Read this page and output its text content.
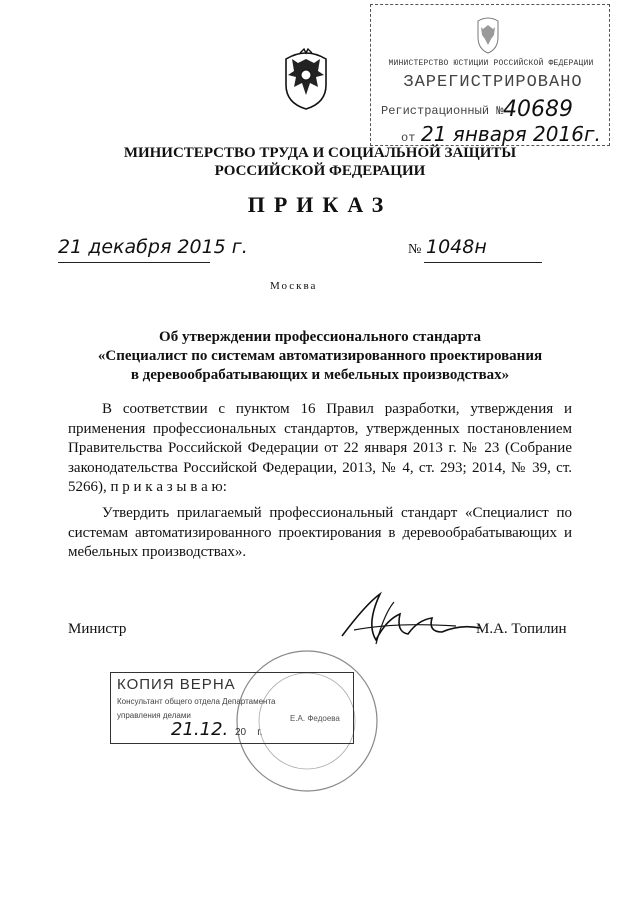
МИНИСТЕРСТВО ЮСТИЦИИ РОССИЙСКОЙ ФЕДЕРАЦИИ
ЗАРЕГИСТРИРОВАНО
Регистрационный № 40689
от 21 января 2016г.
МИНИСТЕРСТВО ТРУДА И СОЦИАЛЬНОЙ ЗАЩИТЫ
РОССИЙСКОЙ ФЕДЕРАЦИИ
ПРИКАЗ
21 декабря 2015 г.	№ 1048н
Москва
Об утверждении профессионального стандарта
«Специалист по системам автоматизированного проектирования
в деревообрабатывающих и мебельных производствах»
В соответствии с пунктом 16 Правил разработки, утверждения и применения профессиональных стандартов, утвержденных постановлением Правительства Российской Федерации от 22 января 2013 г. № 23 (Собрание законодательства Российской Федерации, 2013, № 4, ст. 293; 2014, № 39, ст. 5266), п р и к а з ы в а ю:
Утвердить прилагаемый профессиональный стандарт «Специалист по системам автоматизированного проектирования в деревообрабатывающих и мебельных производствах».
Министр	М.А. Топилин
КОПИЯ ВЕРНА
Консультант общего отдела Департамента
управления делами
21.12. 20 г.
Е.А. Федоева
